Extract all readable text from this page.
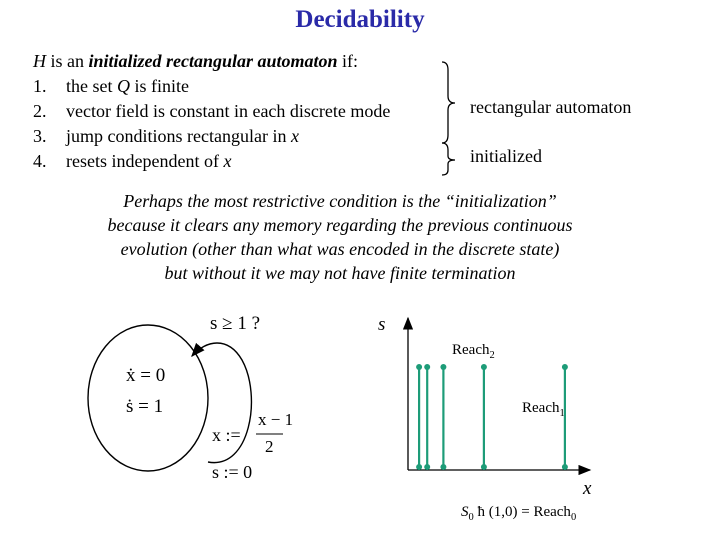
Decidability
H is an initialized rectangular automaton if:
1. the set Q is finite
2. vector field is constant in each discrete mode
3. jump conditions rectangular in x
4. resets independent of x
rectangular automaton
initialized
Perhaps the most restrictive condition is the “initialization”
because it clears any memory regarding the previous continuous
evolution (other than what was encoded in the discrete state)
but without it we may not have finite termination
s ≥ 1 ?
ẋ = 0
ṡ = 1
x :=
x − 1
2
s := 0
s
x
Reach$_2$
Reach$_1$
$S_0$ ħ (1,0) = Reach$_0$
